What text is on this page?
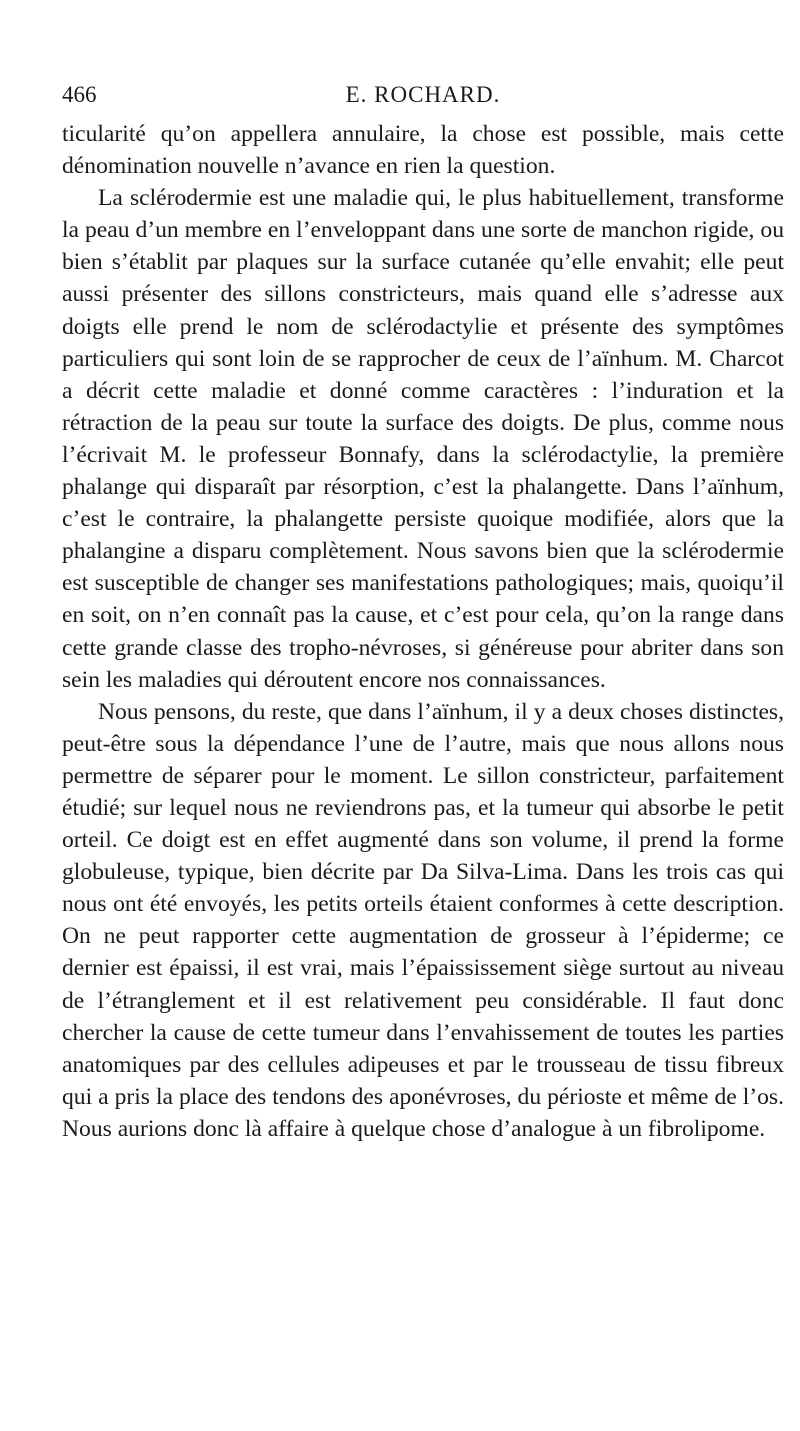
466	E. ROCHARD.

ticularité qu’on appellera annulaire, la chose est possible, mais cette dénomination nouvelle n’avance en rien la question.

La sclérodermie est une maladie qui, le plus habituellement, transforme la peau d’un membre en l’enveloppant dans une sorte de manchon rigide, ou bien s’établit par plaques sur la surface cutanée qu’elle envahit; elle peut aussi présenter des sillons constricteurs, mais quand elle s’adresse aux doigts elle prend le nom de sclérodactylie et présente des symptômes particuliers qui sont loin de se rapprocher de ceux de l’aïnhum. M. Charcot a décrit cette maladie et donné comme caractères : l’induration et la rétraction de la peau sur toute la surface des doigts. De plus, comme nous l’écrivait M. le professeur Bonnafy, dans la sclérodactylie, la première phalange qui disparaît par résorption, c’est la phalangette. Dans l’aïnhum, c’est le contraire, la phalangette persiste quoique modifiée, alors que la phalangine a disparu complètement. Nous savons bien que la sclérodermie est susceptible de changer ses manifestations pathologiques; mais, quoiqu’il en soit, on n’en connaît pas la cause, et c’est pour cela, qu’on la range dans cette grande classe des tropho-névroses, si généreuse pour abriter dans son sein les maladies qui déroutent encore nos connaissances.

Nous pensons, du reste, que dans l’aïnhum, il y a deux choses distinctes, peut-être sous la dépendance l’une de l’autre, mais que nous allons nous permettre de séparer pour le moment. Le sillon constricteur, parfaitement étudié; sur lequel nous ne reviendrons pas, et la tumeur qui absorbe le petit orteil. Ce doigt est en effet augmenté dans son volume, il prend la forme globuleuse, typique, bien décrite par Da Silva-Lima. Dans les trois cas qui nous ont été envoyés, les petits orteils étaient conformes à cette description. On ne peut rapporter cette augmentation de grosseur à l’épiderme; ce dernier est épaissi, il est vrai, mais l’épaississement siège surtout au niveau de l’étranglement et il est relativement peu considérable. Il faut donc chercher la cause de cette tumeur dans l’envahissement de toutes les parties anatomiques par des cellules adipeuses et par le trousseau de tissu fibreux qui a pris la place des tendons des aponévroses, du périoste et même de l’os. Nous aurions donc là affaire à quelque chose d’analogue à un fibrolipome.
